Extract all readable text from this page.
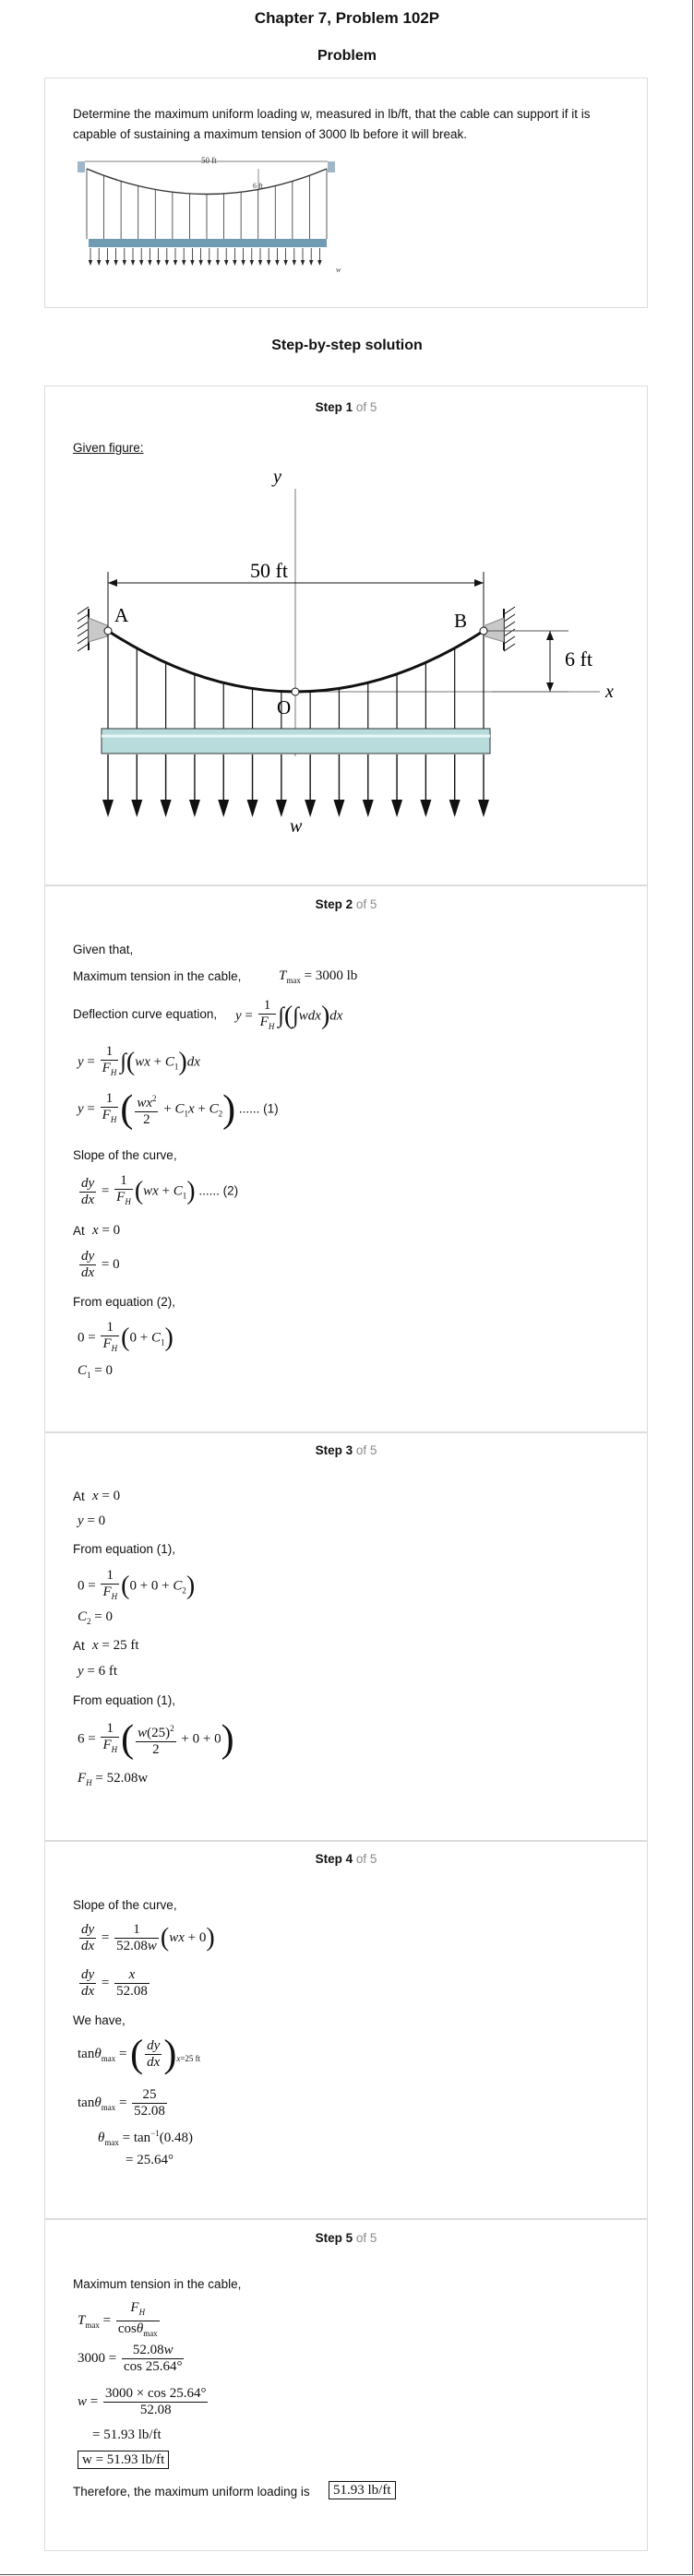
Chapter 7, Problem 102P
Problem
Determine the maximum uniform loading w, measured in lb/ft, that the cable can support if it is capable of sustaining a maximum tension of 3000 lb before it will break.
50 ft
6 ft
w
Step-by-step solution
Step 1 of 5
Given figure:
y
x
50 ft
6 ft
A	B
O
w
Step 2 of 5
Given that,
Maximum tension in the cable,	$T_{max} = 3000$ lb
Deflection curve equation, $y = \frac{1}{F_H} \int(\int wdx)dx$
$y = \frac{1}{F_H} \int(wx + C_1)dx$
$y = \frac{1}{F_H}$ ( $\frac{wx^2}{2} + C_1x + C_2$) ...... (1)
Slope of the curve,
$\frac{dy}{dx} = \frac{1}{F_H} (wx + C_1)$ ...... (2)
At x = 0
$\frac{dy}{dx} = 0$
From equation (2),
$0 = \frac{1}{F_H} (0 + C_1)$
$C_1 = 0$
Step 3 of 5
At x = 0
y = 0
From equation (1),
$0 = \frac{1}{F_H} (0 + 0 + C_2)$
$C_2 = 0$
At x = 25 ft
y = 6 ft
From equation (1),
$6 = \frac{1}{F_H}$ ( $\frac{w(25)^2}{2} + 0 + 0$)
$F_H = 52.08w$
Step 4 of 5
Slope of the curve,
$\frac{dy}{dx} = \frac{1}{52.08w} (wx + 0)$
$\frac{dy}{dx} = \frac{x}{52.08}$
We have,
tanθ$_{max}$ = ( $\frac{dy}{dx} )_{x=25 ft}$
$\tan\theta_{max} = \frac{25}{52.08}$
$\theta_{max} = \tan^{-1}(0.48)$
= 25.64°
Step 5 of 5
Maximum tension in the cable,
$T_{max} = \frac{F_H}{\cos\theta_{max}}$
$3000 = \frac{52.08w}{\cos 25.64^\circ}$
$w = \frac{3000 \times \cos 25.64^\circ}{52.08}$
= 51.93 lb/ft
w = 51.93 lb/ft
Therefore, the maximum uniform loading is	51.93 lb/ft
